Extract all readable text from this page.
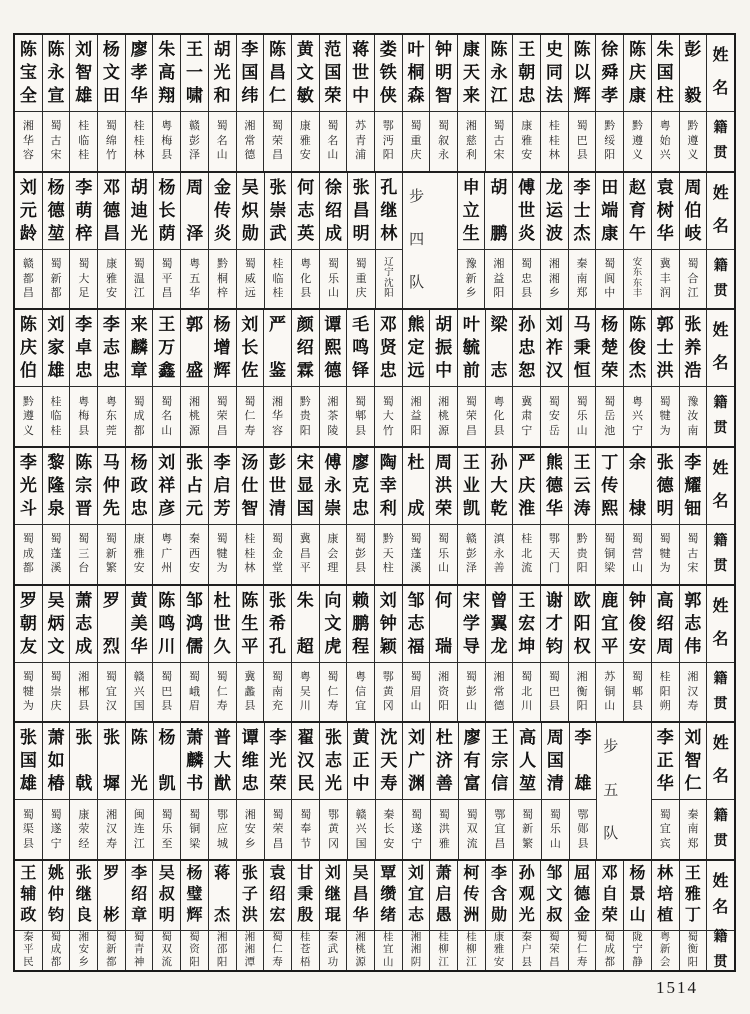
陈
宝
全
湘
华
容
陈
永
宣
蜀
古
宋
刘
智
雄
桂
临
桂
杨
文
田
蜀
绵
竹
廖
孝
华
桂
桂
林
朱
高
翔
粤
梅
县
王
一
啸
赣
彭
泽
胡
光
和
蜀
名
山
李
国
纬
湘
常
德
陈
昌
仁
蜀
荣
昌
黄
文
敏
康
雅
安
范
国
荣
蜀
名
山
蒋
世
中
苏
青
浦
娄
铁
侠
鄂
沔
阳
叶
桐
森
蜀
重
庆
钟
明
智
蜀
叙
永
康
天
来
湘
慈
利
陈
永
江
蜀
古
宋
王
朝
忠
康
雅
安
史
同
法
桂
桂
林
陈
以
辉
蜀
巴
县
徐
舜
孝
黔
绥
阳
陈
庆
康
黔
遵
义
朱
国
柱
粤
始
兴
彭
毅
黔
遵
义
姓
名
籍
贯
刘
元
龄
赣
都
昌
杨
德
堃
蜀
新
都
李
萌
梓
蜀
大
足
邓
德
昌
康
雅
安
胡
迪
光
蜀
温
江
杨
长
荫
蜀
平
昌
周
泽
粤
五
华
金
传
炎
黔
桐
梓
吴
炽
勋
蜀
威
远
张
崇
武
桂
临
桂
何
志
英
粤
化
县
徐
绍
成
蜀
乐
山
张
昌
明
蜀
重
庆
孔
继
林
辽
宁
沈
阳
步
四
队
申
立
生
豫
新
乡
胡
鹏
湘
益
阳
傅
世
炎
蜀
忠
县
龙
运
波
湘
湘
乡
李
士
杰
秦
南
郑
田
端
康
蜀
阆
中
赵
育
午
安
东
东
丰
袁
树
华
冀
丰
润
周
伯
岐
蜀
合
江
姓
名
籍
贯
陈
庆
伯
黔
遵
义
刘
家
雄
桂
临
桂
李
卓
忠
粤
梅
县
李
志
忠
粤
东
莞
来
麟
章
蜀
成
都
王
万
鑫
蜀
名
山
郭
盛
湘
桃
源
杨
增
辉
蜀
荣
昌
刘
长
佐
蜀
仁
寿
严
鉴
湘
华
容
颜
绍
霖
黔
贵
阳
谭
熙
德
湘
茶
陵
毛
鸣
铎
蜀
郫
县
邓
贤
忠
蜀
大
竹
熊
定
远
湘
益
阳
胡
振
中
湘
桃
源
叶
毓
前
蜀
荣
昌
梁
志
粤
化
县
孙
忠
恕
冀
肃
宁
刘
祚
汉
蜀
安
岳
马
秉
恒
蜀
乐
山
杨
楚
荣
蜀
岳
池
陈
俊
杰
粤
兴
宁
郭
士
洪
蜀
犍
为
张
养
浩
豫
汝
南
姓
名
籍
贯
李
光
斗
蜀
成
都
黎
隆
泉
蜀
蓬
溪
陈
宗
晋
蜀
三
台
马
仲
先
蜀
新
繁
杨
政
忠
康
雅
安
刘
祥
彦
粤
广
州
张
占
元
秦
西
安
李
启
芳
蜀
犍
为
汤
仕
智
桂
桂
林
彭
世
清
蜀
金
堂
宋
显
国
冀
昌
平
傅
永
崇
康
会
理
廖
克
忠
蜀
彭
县
陶
幸
利
黔
天
柱
杜
成
蜀
蓬
溪
周
洪
荣
蜀
乐
山
王
业
凯
赣
彭
泽
孙
大
乾
滇
永
善
严
庆
淮
桂
北
流
熊
德
华
鄂
天
门
王
云
涛
黔
贵
阳
丁
传
熙
蜀
铜
梁
余
棣
蜀
营
山
张
德
明
蜀
犍
为
李
耀
钿
蜀
古
宋
姓
名
籍
贯
罗
朝
友
蜀
犍
为
吴
炳
文
蜀
崇
庆
萧
志
成
湘
郴
县
罗
烈
蜀
宜
汉
黄
美
华
赣
兴
国
陈
鸣
川
蜀
巴
县
邹
鸿
儒
蜀
峨
眉
杜
世
久
蜀
仁
寿
陈
生
平
冀
蠡
县
张
希
孔
蜀
南
充
朱
超
粤
吴
川
向
文
虎
蜀
仁
寿
赖
鹏
程
粤
信
宜
刘
钟
颖
鄂
黄
冈
邹
志
福
蜀
眉
山
何
瑞
湘
资
阳
宋
学
导
蜀
彭
山
曾
翼
龙
湘
常
德
王
宏
坤
蜀
北
川
谢
才
钧
蜀
巴
县
欧
阳
权
湘
衡
阳
鹿
宜
平
苏
铜
山
钟
俊
安
蜀
郫
县
高
绍
周
桂
阳
朔
郭
志
伟
湘
汉
寿
姓
名
籍
贯
张
国
雄
蜀
渠
县
萧
如
椿
蜀
遂
宁
张
戟
康
荥
经
张
墀
湘
汉
寿
陈
光
闽
连
江
杨
凯
蜀
乐
至
萧
麟
书
蜀
铜
梁
普
大
猷
鄂
应
城
谭
维
忠
湘
安
乡
李
光
荣
蜀
荣
昌
翟
汉
民
蜀
奉
节
张
志
光
鄂
黄
冈
黄
正
中
赣
兴
国
沈
天
寿
秦
长
安
刘
广
渊
蜀
遂
宁
杜
济
善
蜀
洪
雅
廖
有
富
蜀
双
流
王
宗
信
鄂
宜
昌
高
人
堃
蜀
新
繁
周
国
清
蜀
乐
山
李
雄
鄂
郧
县
步
五
队
李
正
华
蜀
宜
宾
刘
智
仁
秦
南
郑
姓
名
籍
贯
王
辅
政
秦
平
民
姚
仲
钧
蜀
成
都
张
继
良
湘
安
乡
罗
彬
蜀
新
都
李
绍
章
蜀
青
神
吴
叔
明
蜀
双
流
杨
璧
辉
蜀
资
阳
蒋
杰
湘
邵
阳
张
子
洪
湘
湘
潭
袁
绍
宏
蜀
仁
寿
甘
秉
殷
桂
苍
梧
刘
继
琨
秦
武
功
吴
昌
华
湘
桃
源
覃
缵
绪
桂
宜
山
刘
宜
志
湘
湘
阴
萧
启
愚
桂
柳
江
柯
传
洲
桂
柳
江
李
含
勋
康
雅
安
孙
观
光
秦
户
县
邹
文
叔
蜀
荣
昌
屈
德
金
蜀
仁
寿
邓
自
荣
蜀
成
都
杨
景
山
陇
宁
静
林
培
植
粤
新
会
王
雅
丁
蜀
衡
阳
姓
名
籍
贯
1514
